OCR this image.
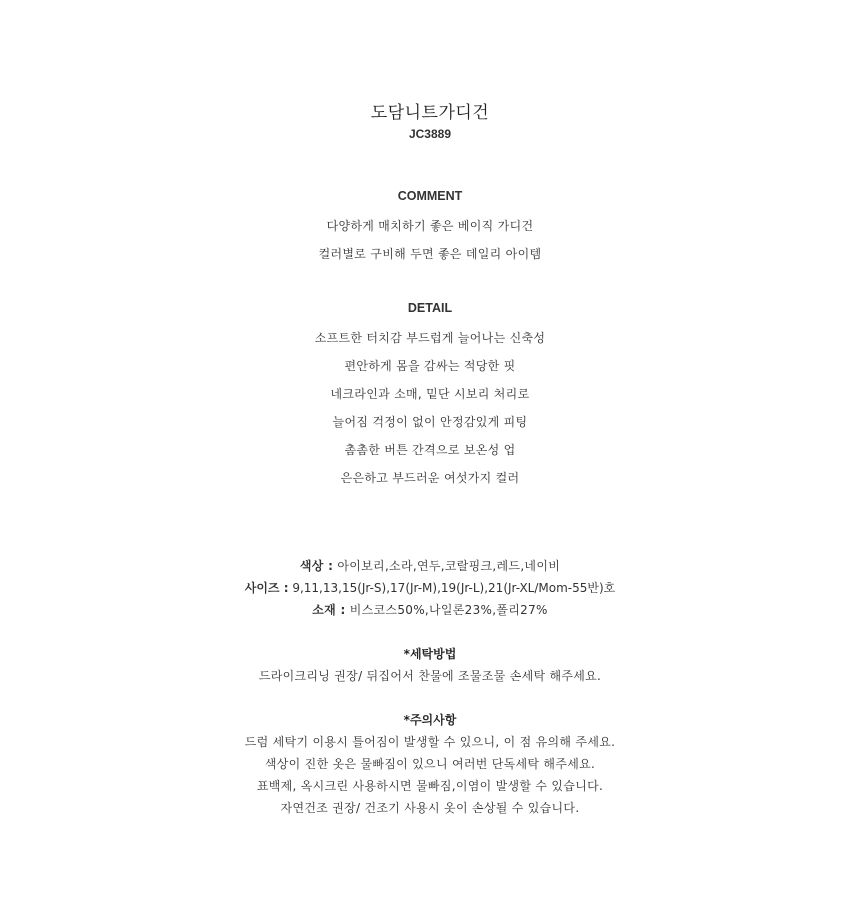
도담니트가디건
JC3889
COMMENT
다양하게 매치하기 좋은 베이직 가디건
컬러별로 구비해 두면 좋은 데일리 아이템
DETAIL
소프트한 터치감 부드럽게 늘어나는 신축성
편안하게 몸을 감싸는 적당한 핏
네크라인과 소매, 밑단 시보리 처리로
늘어짐 걱정이 없이 안정감있게 피팅
촘촘한 버튼 간격으로 보온성 업
은은하고 부드러운 여섯가지 컬러
색상 : 아이보리,소라,연두,코랄핑크,레드,네이비
사이즈 : 9,11,13,15(Jr-S),17(Jr-M),19(Jr-L),21(Jr-XL/Mom-55반)호
소재 : 비스코스50%,나일론23%,폴리27%
*세탁방법
드라이크리닝 권장/ 뒤집어서 찬물에 조물조물 손세탁 해주세요.
*주의사항
드럼 세탁기 이용시 틀어짐이 발생할 수 있으니, 이 점 유의해 주세요.
색상이 진한 옷은 물빠짐이 있으니 여러번 단독세탁 해주세요.
표백제, 옥시크린 사용하시면 물빠짐,이염이 발생할 수 있습니다.
자연건조 권장/ 건조기 사용시 옷이 손상될 수 있습니다.
